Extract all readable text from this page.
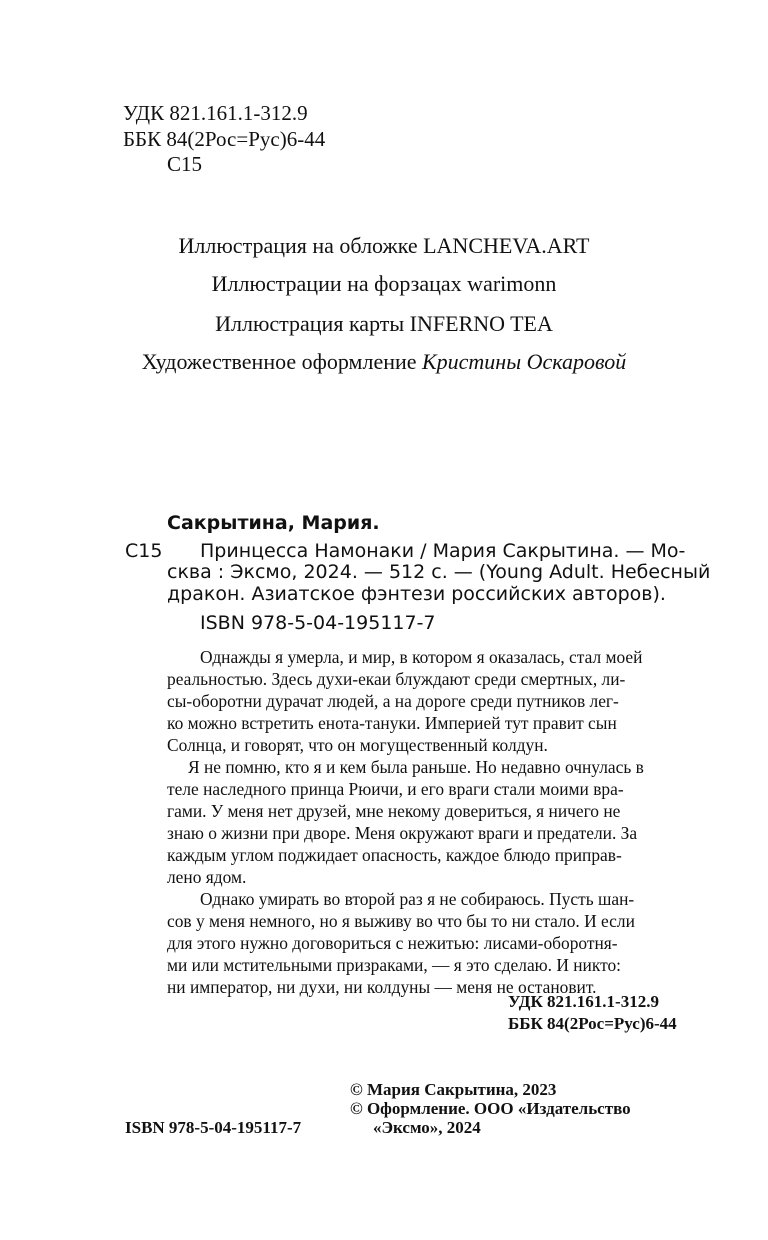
УДК 821.161.1-312.9
ББК 84(2Рос=Рус)6-44
С15
Иллюстрация на обложке LANCHEVA.ART
Иллюстрации на форзацах warimonn
Иллюстрация карты INFERNO TEA
Художественное оформление Кристины Оскаровой
Сакрытина, Мария.
С15 Принцесса Намонаки / Мария Сакрытина. — Мо-
сква : Эксмо, 2024. — 512 с. — (Young Adult. Небесный
дракон. Азиатское фэнтези российских авторов).
ISBN 978-5-04-195117-7
Однажды я умерла, и мир, в котором я оказалась, стал моей
реальностью. Здесь духи-екаи блуждают среди смертных, ли-
сы-оборотни дурачат людей, а на дороге среди путников лег-
ко можно встретить енота-тануки. Империей тут правит сын
Солнца, и говорят, что он могущественный колдун.
Я не помню, кто я и кем была раньше. Но недавно очнулась в
теле наследного принца Рюичи, и его враги стали моими вра-
гами. У меня нет друзей, мне некому довериться, я ничего не
знаю о жизни при дворе. Меня окружают враги и предатели. За
каждым углом поджидает опасность, каждое блюдо приправ-
лено ядом.
Однако умирать во второй раз я не собираюсь. Пусть шан-
сов у меня немного, но я выживу во что бы то ни стало. И если
для этого нужно договориться с нежитью: лисами-оборотня-
ми или мстительными призраками, — я это сделаю. И никто:
ни император, ни духи, ни колдуны — меня не остановит.
УДК 821.161.1-312.9
ББК 84(2Рос=Рус)6-44
© Мария Сакрытина, 2023
© Оформление. ООО «Издательство
«Эксмо», 2024
ISBN 978-5-04-195117-7
